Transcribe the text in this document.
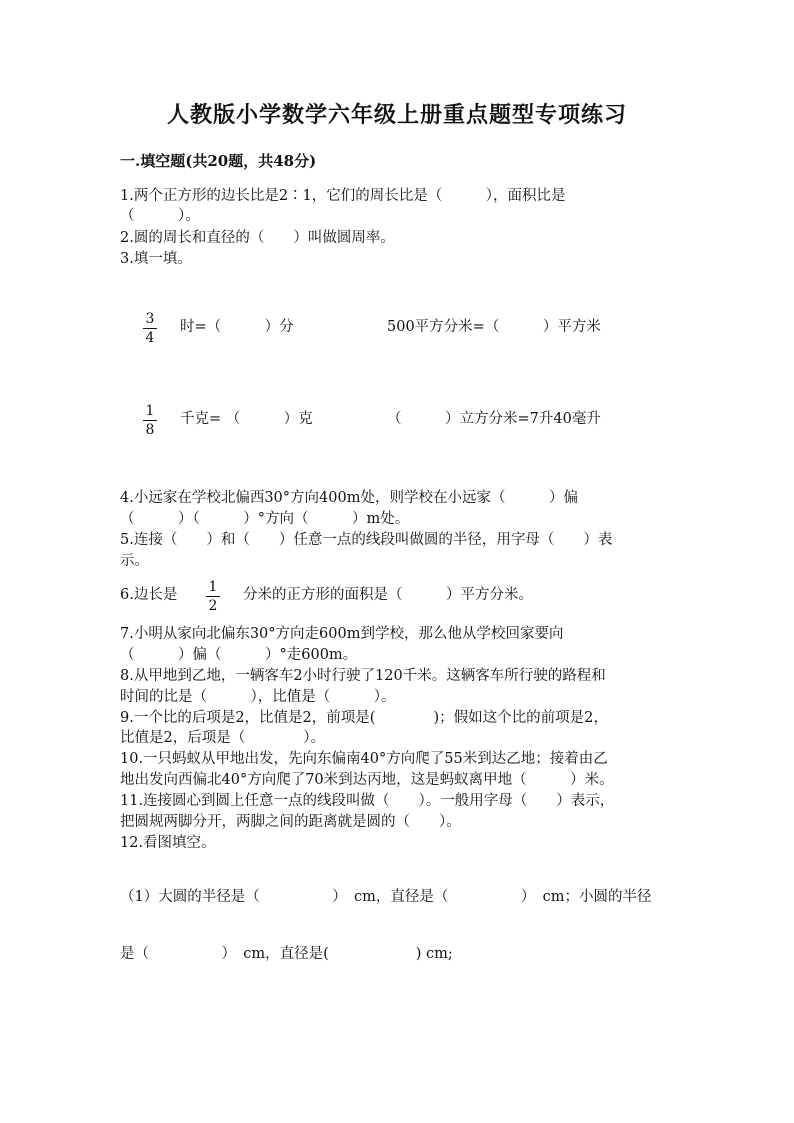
人教版小学数学六年级上册重点题型专项练习
一.填空题(共20题，共48分)
1.两个正方形的边长比是2∶1，它们的周长比是（　　　），面积比是
（　　　）。
2.圆的周长和直径的（　　）叫做圆周率。
3.填一填。
3
4
时=（　　　）分	500平方分米=（　　　）平方米
1
8
千克= （　　　）克	（　　　）立方分米=7升40毫升
4.小远家在学校北偏西30°方向400m处，则学校在小远家（　　　）偏
（　　　）（　　　）°方向（　　　）m处。
5.连接（　　）和（　　）任意一点的线段叫做圆的半径，用字母（　　）表
示。
6.边长是 1
2
分米的正方形的面积是（　　　）平方分米。
7.小明从家向北偏东30°方向走600m到学校，那么他从学校回家要向
（　　　）偏（　　　）°走600m。
8.从甲地到乙地，一辆客车2小时行驶了120千米。这辆客车所行驶的路程和
时间的比是（　　　），比值是（　　　）。
9.一个比的后项是2，比值是2，前项是(　　　　)；假如这个比的前项是2，
比值是2，后项是（　　　　）。
10.一只蚂蚁从甲地出发，先向东偏南40°方向爬了55米到达乙地；接着由乙
地出发向西偏北40°方向爬了70米到达丙地，这是蚂蚁离甲地（　　　）米。
11.连接圆心到圆上任意一点的线段叫做（　　）。一般用字母（　　）表示，
把圆规两脚分开，两脚之间的距离就是圆的（　　）。
12.看图填空。
（1）大圆的半径是（　　　　　）　cm，直径是（　　　　　）　cm；小圆的半径
是（　　　　　）　cm，直径是(　　　　　　) cm;
